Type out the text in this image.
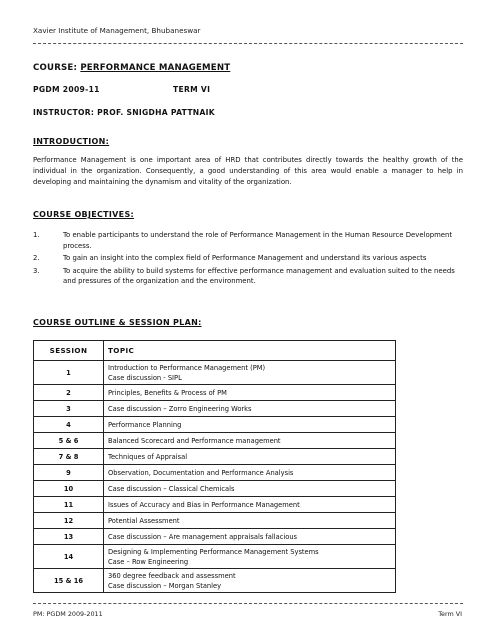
Xavier Institute of Management, Bhubaneswar
COURSE: PERFORMANCE MANAGEMENT
PGDM 2009-11	TERM VI
INSTRUCTOR: PROF. SNIGDHA PATTNAIK
INTRODUCTION:

Performance Management is one important area of HRD that contributes directly towards the healthy growth of the individual in the organization. Consequently, a good understanding of this area would enable a manager to help in developing and maintaining the dynamism and vitality of the organization.

COURSE OBJECTIVES:
1.	To enable participants to understand the role of Performance Management in the Human Resource Development process.
2.	To gain an insight into the complex field of Performance Management and understand its various aspects
3.	To acquire the ability to build systems for effective performance management and evaluation suited to the needs and pressures of the organization and the environment.
COURSE OUTLINE & SESSION PLAN:
SESSION	TOPIC
1	Introduction to Performance Management (PM)
Case discussion - SIPL

2	Principles, Benefits & Process of PM
3	Case discussion – Zorro Engineering Works
4	Performance Planning
5 & 6	Balanced Scorecard and Performance management
7 & 8	Techniques of Appraisal
9	Observation, Documentation and Performance Analysis
10	Case discussion – Classical Chemicals
11	Issues of Accuracy and Bias in Performance Management
12	Potential Assessment
13	Case discussion – Are management appraisals fallacious
14	Designing & Implementing Performance Management Systems
Case – Row Engineering

15 & 16	360 degree feedback and assessment
Case discussion – Morgan Stanley
PM: PGDM 2009-2011	Term VI
